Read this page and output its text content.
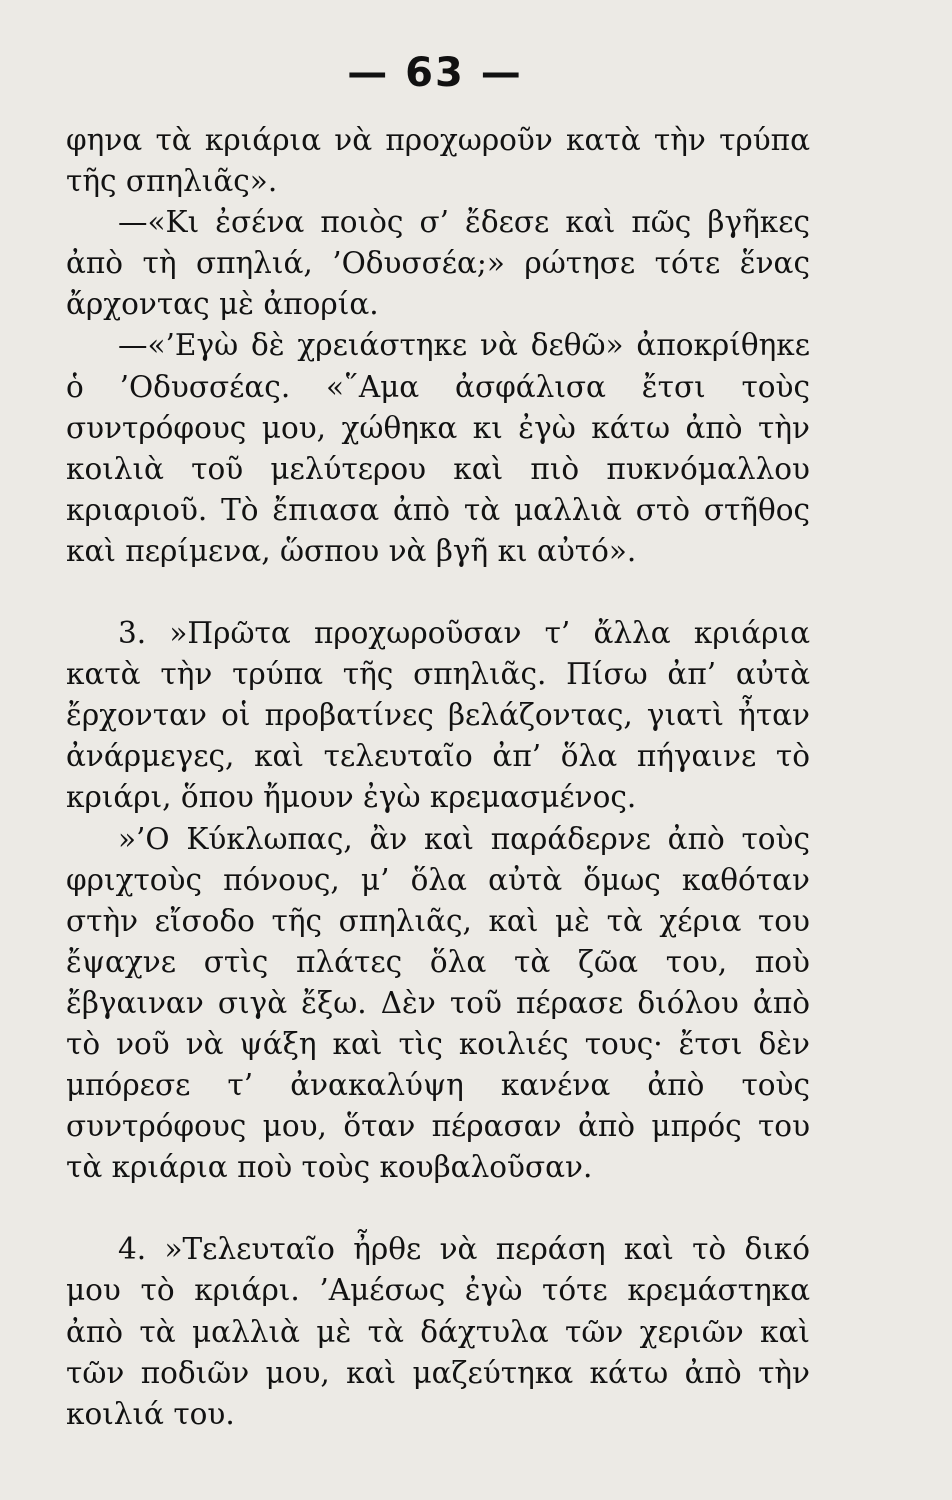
— 63 —

φηνα τὰ κριάρια νὰ προχωροῦν κατὰ τὴν τρύπα τῆς σπηλιᾶς».

—«Κι ἐσένα ποιὸς σ’ ἔδεσε καὶ πῶς βγῆκες ἀπὸ τὴ σπηλιά, ’Οδυσσέα;» ρώτησε τότε ἕνας ἄρχοντας μὲ ἀπορία.

—«’Εγὼ δὲ χρειάστηκε νὰ δεθῶ» ἀποκρίθηκε ὁ ’Οδυσσέας. «῞Αμα ἀσφάλισα ἔτσι τοὺς συντρόφους μου, χώθηκα κι ἐγὼ κάτω ἀπὸ τὴν κοιλιὰ τοῦ μελύτερου καὶ πιὸ πυκνόμαλλου κριαριοῦ. Τὸ ἔπιασα ἀπὸ τὰ μαλλιὰ στὸ στῆθος καὶ περίμενα, ὥσπου νὰ βγῆ κι αὐτό».

3. »Πρῶτα προχωροῦσαν τ’ ἄλλα κριάρια κατὰ τὴν τρύπα τῆς σπηλιᾶς. Πίσω ἀπ’ αὐτὰ ἔρχονταν οἱ προβατίνες βελάζοντας, γιατὶ ἦταν ἀνάρμεγες, καὶ τελευταῖο ἀπ’ ὅλα πήγαινε τὸ κριάρι, ὅπου ἤμουν ἐγὼ κρεμασμένος.

»’Ο Κύκλωπας, ἂν καὶ παράδερνε ἀπὸ τοὺς φριχτοὺς πόνους, μ’ ὅλα αὐτὰ ὅμως καθόταν στὴν εἴσοδο τῆς σπηλιᾶς, καὶ μὲ τὰ χέρια του ἔψαχνε στὶς πλάτες ὅλα τὰ ζῶα του, ποὺ ἔβγαιναν σιγὰ ἔξω. Δὲν τοῦ πέρασε διόλου ἀπὸ τὸ νοῦ νὰ ψάξη καὶ τὶς κοιλιές τους· ἔτσι δὲν μπόρεσε τ’ ἀνακαλύψη κανένα ἀπὸ τοὺς συντρόφους μου, ὅταν πέρασαν ἀπὸ μπρός του τὰ κριάρια ποὺ τοὺς κουβαλοῦσαν.

4. »Τελευταῖο ἦρθε νὰ περάση καὶ τὸ δικό μου τὸ κριάρι. ’Αμέσως ἐγὼ τότε κρεμάστηκα ἀπὸ τὰ μαλλιὰ μὲ τὰ δάχτυλα τῶν χεριῶν καὶ τῶν ποδιῶν μου, καὶ μαζεύτηκα κάτω ἀπὸ τὴν κοιλιά του.
